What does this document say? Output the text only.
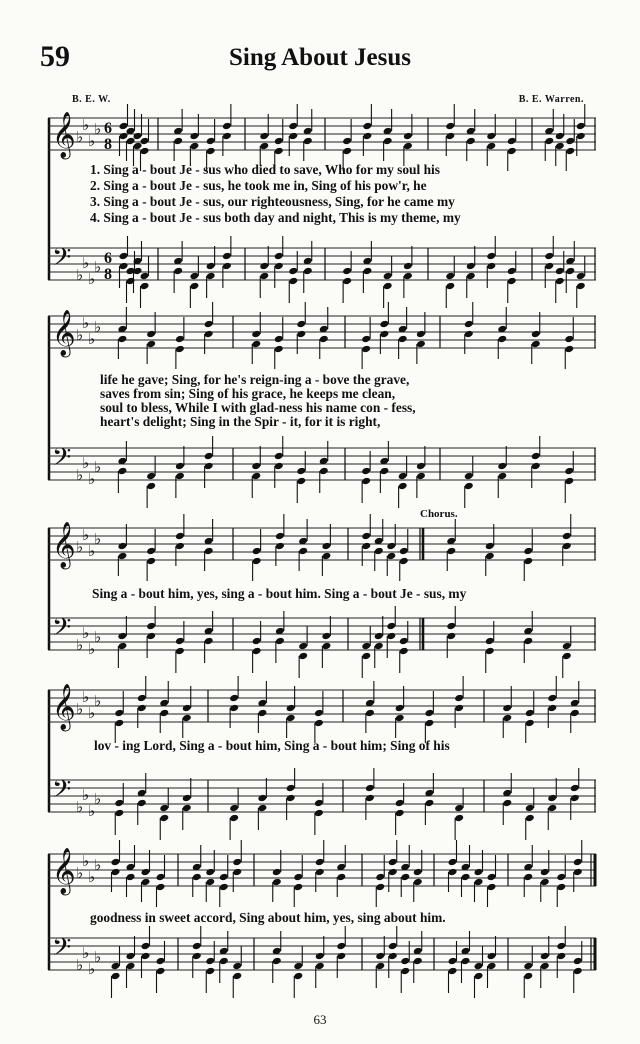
59	Sing About Jesus
B. E. W.	B. E. Warren.
𝄞 ♭
♭
♭
♭ 6
8
𝄢 ♭
♭
♭
♭
6
8
1. Sing a - bout Je - sus who died to save, Who for my soul his
2. Sing a - bout Je - sus, he took me in, Sing of his pow'r, he
3. Sing a - bout Je - sus, our righteousness, Sing, for he came my
4. Sing a - bout Je - sus both day and night, This is my theme, my
𝄞 ♭
♭
♭
♭
𝄢 ♭
♭
♭
♭
life he gave; Sing, for he's reign-ing a - bove the grave,
saves from sin; Sing of his grace, he keeps me clean,
soul to bless, While I with glad-ness his name con - fess,
heart's delight; Sing in the Spir - it, for it is right,
Chorus.
𝄞 ♭
♭
♭
♭
𝄢 ♭
♭
♭
♭
Sing a - bout him, yes, sing a - bout him. Sing a - bout Je - sus, my
𝄞 ♭
♭
♭
♭
𝄢 ♭
♭
♭
♭
lov - ing Lord, Sing a - bout him, Sing a - bout him; Sing of his
𝄞 ♭
♭
♭
♭
𝄢 ♭
♭
♭
♭
goodness in sweet accord, Sing about him, yes, sing about him.
63
